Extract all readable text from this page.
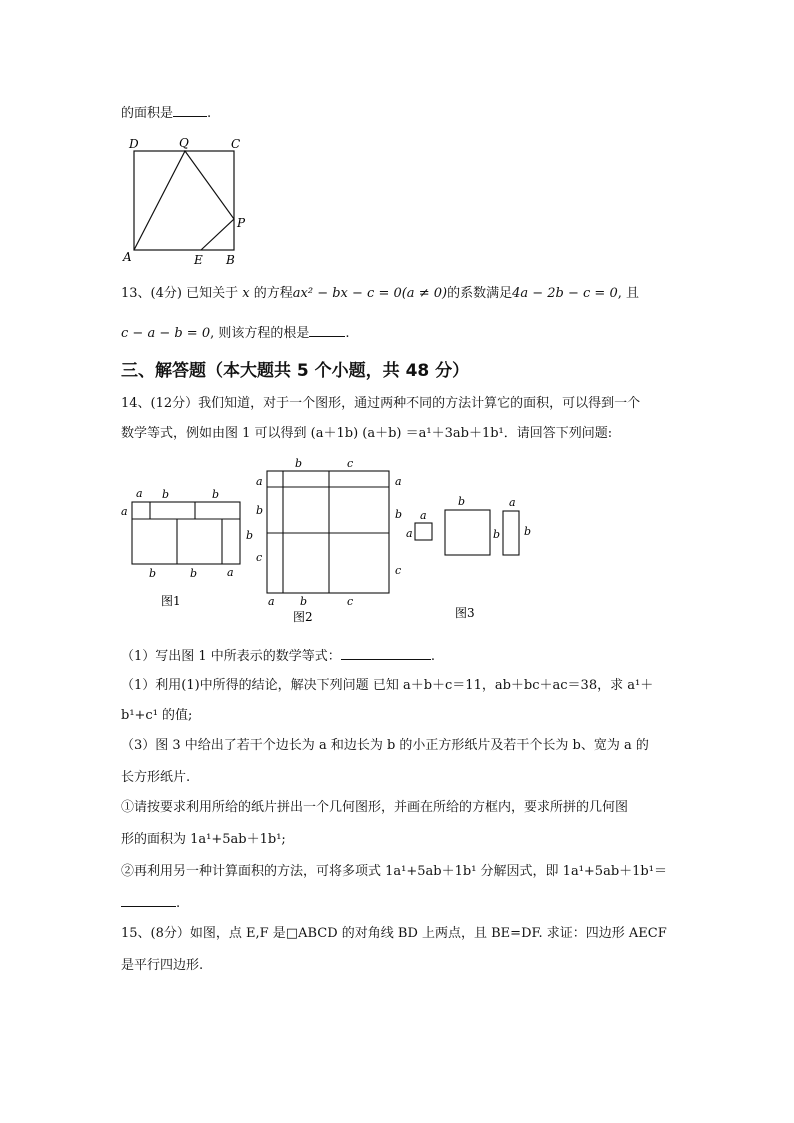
的面积是	.
D	Q	C
P
A	E B
13、(4分) 已知关于 x 的方程ax² − bx − c = 0(a ≠ 0)的系数满足4a − 2b − c = 0, 且
c − a − b = 0, 则该方程的根是	.
三、解答题（本大题共 5 个小题，共 48 分）
14、(12分）我们知道，对于一个图形，通过两种不同的方法计算它的面积，可以得到一个
数学等式，例如由图 1 可以得到 (a＋1b) (a＋b) ＝a¹＋3ab＋1b¹．请回答下列问题:
a b	b
a
b
b	b	a
图1
b	c
a
b
c
a
b
c
a b	c
图2
a
a
b
b
a
b
图3
（1）写出图 1 中所表示的数学等式：	.
（1）利用(1)中所得的结论，解决下列问题 已知 a＋b＋c＝11，ab＋bc＋ac＝38，求 a¹＋
b¹+c¹ 的值;
（3）图 3 中给出了若干个边长为 a 和边长为 b 的小正方形纸片及若干个长为 b、宽为 a 的
长方形纸片.
①请按要求利用所给的纸片拼出一个几何图形，并画在所给的方框内，要求所拼的几何图
形的面积为 1a¹+5ab＋1b¹;
②再利用另一种计算面积的方法，可将多项式 1a¹+5ab＋1b¹ 分解因式，即 1a¹+5ab＋1b¹＝
.
15、(8分）如图，点 E,F 是□ABCD 的对角线 BD 上两点，且 BE=DF. 求证：四边形 AECF
是平行四边形.
